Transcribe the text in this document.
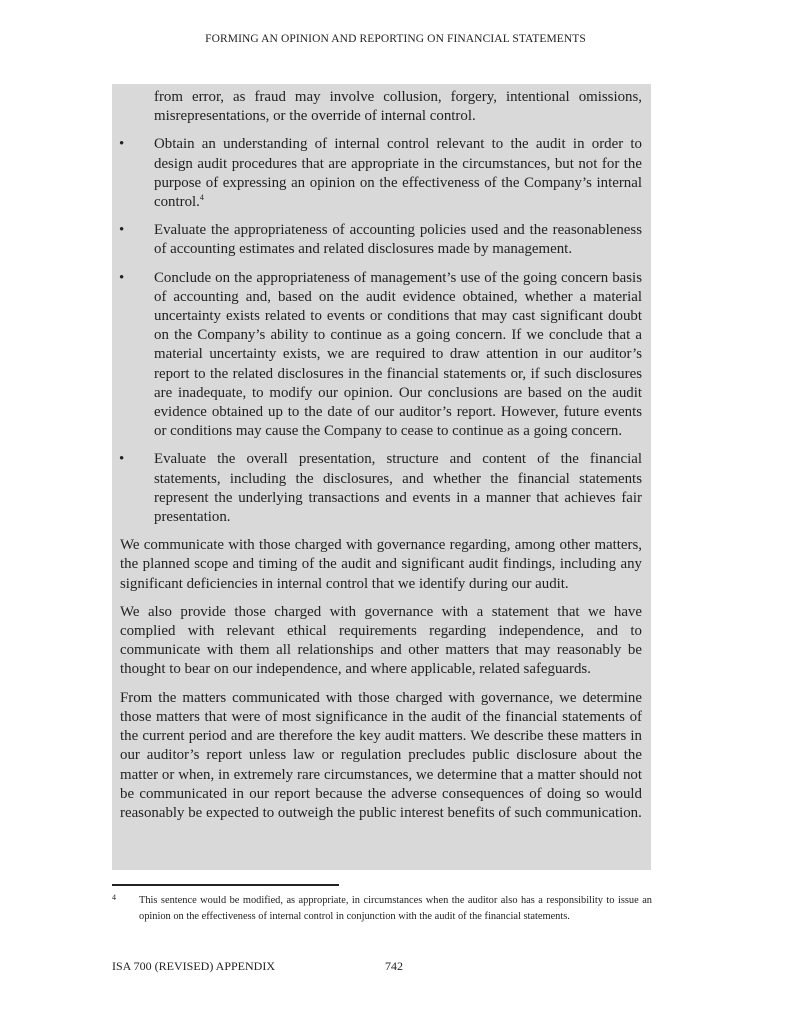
FORMING AN OPINION AND REPORTING ON FINANCIAL STATEMENTS

from error, as fraud may involve collusion, forgery, intentional omissions, misrepresentations, or the override of internal control.

•	Obtain an understanding of internal control relevant to the audit in order to design audit procedures that are appropriate in the circumstances, but not for the purpose of expressing an opinion on the effectiveness of the Company’s internal control.$^4$
•	Evaluate the appropriateness of accounting policies used and the reasonableness of accounting estimates and related disclosures made by management.
•	Conclude on the appropriateness of management’s use of the going concern basis of accounting and, based on the audit evidence obtained, whether a material uncertainty exists related to events or conditions that may cast significant doubt on the Company’s ability to continue as a going concern. If we conclude that a material uncertainty exists, we are required to draw attention in our auditor’s report to the related disclosures in the financial statements or, if such disclosures are inadequate, to modify our opinion. Our conclusions are based on the audit evidence obtained up to the date of our auditor’s report. However, future events or conditions may cause the Company to cease to continue as a going concern.
•	Evaluate the overall presentation, structure and content of the financial statements, including the disclosures, and whether the financial statements represent the underlying transactions and events in a manner that achieves fair presentation.

We communicate with those charged with governance regarding, among other matters, the planned scope and timing of the audit and significant audit findings, including any significant deficiencies in internal control that we identify during our audit.

We also provide those charged with governance with a statement that we have complied with relevant ethical requirements regarding independence, and to communicate with them all relationships and other matters that may reasonably be thought to bear on our independence, and where applicable, related safeguards.

From the matters communicated with those charged with governance, we determine those matters that were of most significance in the audit of the financial statements of the current period and are therefore the key audit matters. We describe these matters in our auditor’s report unless law or regulation precludes public disclosure about the matter or when, in extremely rare circumstances, we determine that a matter should not be communicated in our report because the adverse consequences of doing so would reasonably be expected to outweigh the public interest benefits of such communication.

4	This sentence would be modified, as appropriate, in circumstances when the auditor also has a responsibility to issue an opinion on the effectiveness of internal control in conjunction with the audit of the financial statements.
ISA 700 (REVISED) APPENDIX	742
